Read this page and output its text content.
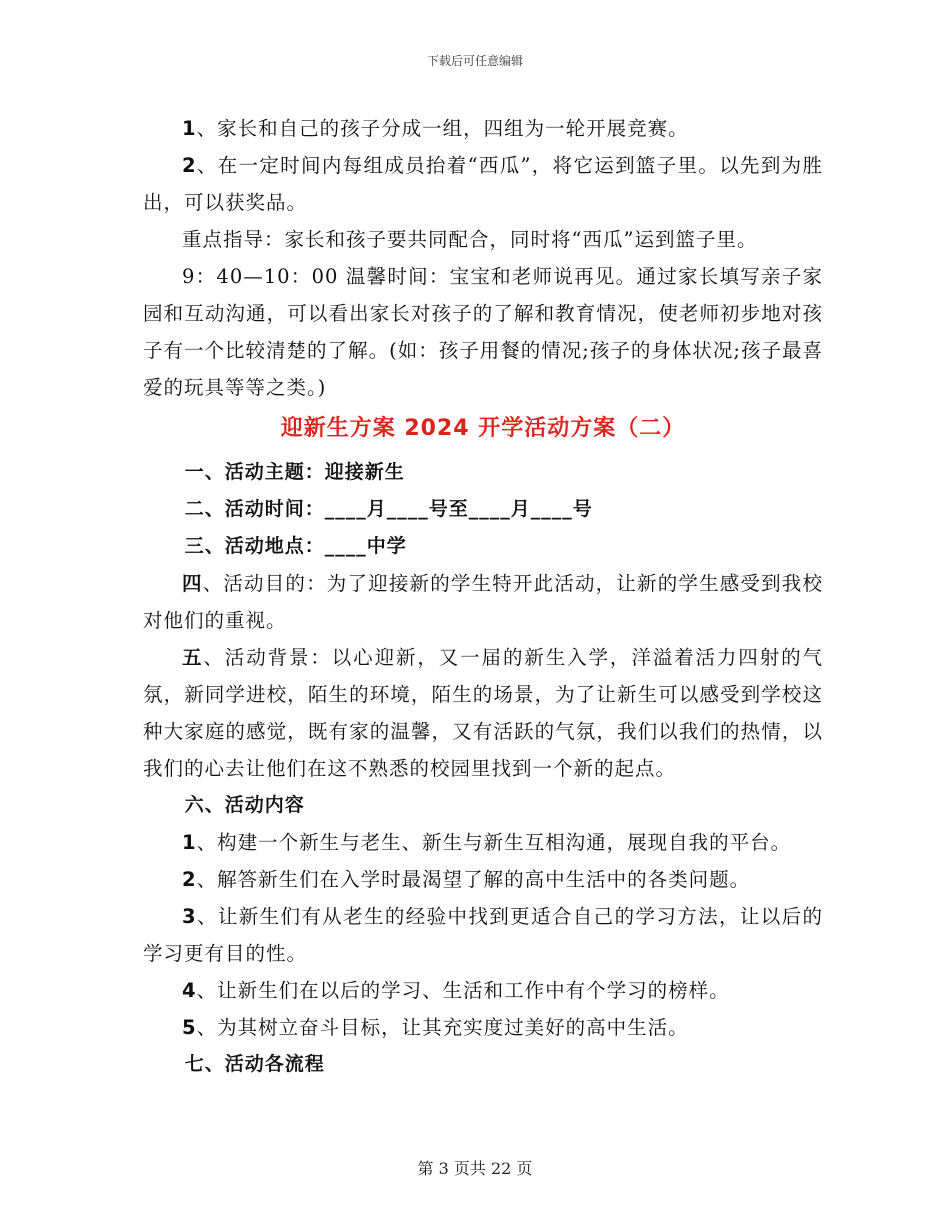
下载后可任意编辑

1、家长和自己的孩子分成一组，四组为一轮开展竞赛。

2、在一定时间内每组成员抬着“西瓜”，将它运到篮子里。以先到为胜出，可以获奖品。

重点指导：家长和孩子要共同配合，同时将“西瓜”运到篮子里。

9：40—10：00 温馨时间：宝宝和老师说再见。通过家长填写亲子家园和互动沟通，可以看出家长对孩子的了解和教育情况，使老师初步地对孩子有一个比较清楚的了解。(如：孩子用餐的情况;孩子的身体状况;孩子最喜爱的玩具等等之类。)

迎新生方案 2024 开学活动方案（二）

一、活动主题：迎接新生

二、活动时间：____月____号至____月____号

三、活动地点：____中学

四、活动目的：为了迎接新的学生特开此活动，让新的学生感受到我校对他们的重视。

五、活动背景：以心迎新，又一届的新生入学，洋溢着活力四射的气氛，新同学进校，陌生的环境，陌生的场景，为了让新生可以感受到学校这种大家庭的感觉，既有家的温馨，又有活跃的气氛，我们以我们的热情，以我们的心去让他们在这不熟悉的校园里找到一个新的起点。

六、活动内容

1、构建一个新生与老生、新生与新生互相沟通，展现自我的平台。

2、解答新生们在入学时最渴望了解的高中生活中的各类问题。

3、让新生们有从老生的经验中找到更适合自己的学习方法，让以后的学习更有目的性。

4、让新生们在以后的学习、生活和工作中有个学习的榜样。

5、为其树立奋斗目标，让其充实度过美好的高中生活。

七、活动各流程

第 3 页共 22 页
